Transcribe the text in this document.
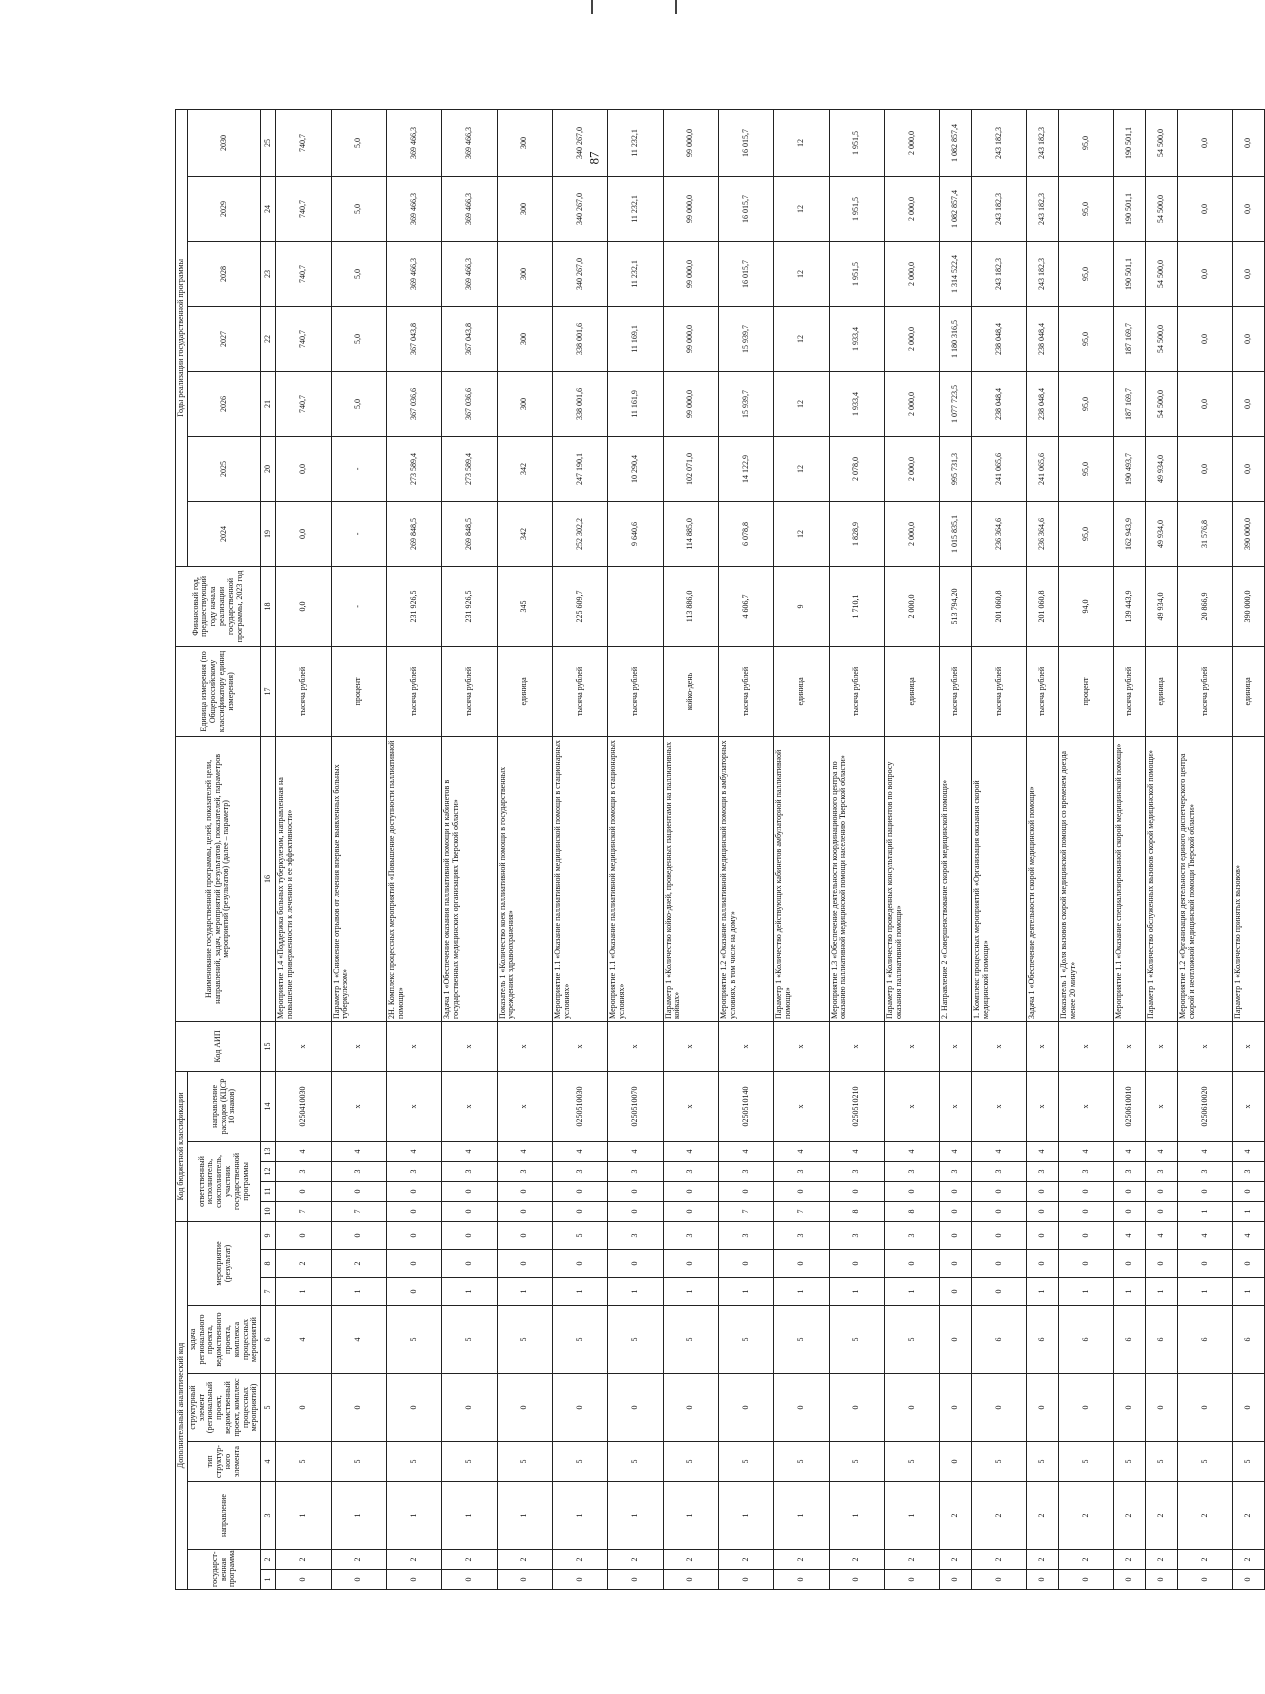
87
Дополнительный аналитический код									Код бюджетной классификации					Код АИП	Наименование государственной программы, целей, показателей цели, направлений, задач, мероприятий (результатов), показателей, параметров мероприятий (результатов) (далее – параметр)	Единица измерения (по Общероссийскому классификатору единиц измерения)	Финансовый год, предшествующий году начала реализации государственной программы, 2023 год	Годы реализации государственной программы						
государст-венная программа		направление	тип структур-ного элемента	структурный элемент (региональный проект, ведомственный проект, комплекс процессных мероприятий)	задача регионального проекта, ведомственного проекта, комплекса процессных мероприятий	мероприятие (результат)			ответственный исполнитель, соисполнитель, участник государственной программы				направление расходов (КЦСР 10 знаков)					2024	2025	2026	2027	2028	2029	2030
1	2	3	4	5	6	7	8	9	10	11	12	13	14	15	16	17	18	19	20	21	22	23	24	25
0	2	1	5	0	4	1	2	0	7	0	3	4	0250410030	x	Мероприятие 1.4 «Поддержка больных туберкулезом, направленная на повышение приверженности к лечению и ее эффективности»	тысяча рублей	0,0	0,0	0,0	740,7	740,7	740,7	740,7	740,7
0	2	1	5	0	4	1	2	0	7	0	3	4	x	x	Параметр 1 «Снижение отрывов от лечения впервые выявленных больных туберкулезом»	процент	-	-	-	5,0	5,0	5,0	5,0	5,0
0	2	1	5	0	5	0	0	0	0	0	3	4	x	x	2Н. Комплекс процессных мероприятий «Повышение доступности паллиативной помощи»	тысяча рублей	231 926,5	269 848,5	273 589,4	367 036,6	367 043,8	369 466,3	369 466,3	369 466,3
0	2	1	5	0	5	1	0	0	0	0	3	4	x	x	Задача 1 «Обеспечение оказания паллиативной помощи и кабинетов в государственных медицинских организациях Тверской области»	тысяча рублей	231 926,5	269 848,5	273 589,4	367 036,6	367 043,8	369 466,3	369 466,3	369 466,3
0	2	1	5	0	5	1	0	0	0	0	3	4	x	x	Показатель 1 «Количество коек паллиативной помощи в государственных учреждениях здравоохранения»	единица	345	342	342	300	300	300	300	300
0	2	1	5	0	5	1	0	5	0	0	3	4	0250510030	x	Мероприятие 1.1 «Оказание паллиативной медицинской помощи в стационарных условиях»	тысяча рублей	225 609,7	252 302,2	247 190,1	338 001,6	338 001,6	340 267,0	340 267,0	340 267,0
0	2	1	5	0	5	1	0	3	0	0	3	4	0250510070	x	Мероприятие 1.1 «Оказание паллиативной медицинской помощи в стационарных условиях»	тысяча рублей		9 640,6	10 290,4	11 161,9	11 169,1	11 232,1	11 232,1	11 232,1
0	2	1	5	0	5	1	0	3	0	0	3	4	x	x	Параметр 1 «Количество койко-дней, проведенных пациентами на паллиативных койках»	койко-день	113 886,0	114 885,0	102 071,0	99 000,0	99 000,0	99 000,0	99 000,0	99 000,0
0	2	1	5	0	5	1	0	3	7	0	3	4	0250510140	x	Мероприятие 1.2 «Оказание паллиативной медицинской помощи в амбулаторных условиях, в том числе на дому»	тысяча рублей	4 606,7	6 078,8	14 122,9	15 939,7	15 939,7	16 015,7	16 015,7	16 015,7
0	2	1	5	0	5	1	0	3	7	0	3	4	x	x	Параметр 1 «Количество действующих кабинетов амбулаторной паллиативной помощи»	единица	9	12	12	12	12	12	12	12
0	2	1	5	0	5	1	0	3	8	0	3	4	0250510210	x	Мероприятие 1.3 «Обеспечение деятельности координационного центра по оказанию паллиативной медицинской помощи населению Тверской области»	тысяча рублей	1 710,1	1 828,9	2 078,0	1 933,4	1 933,4	1 951,5	1 951,5	1 951,5
0	2	1	5	0	5	1	0	3	8	0	3	4	x	x	Параметр 1 «Количество проведенных консультаций пациентов по вопросу оказания паллиативной помощи»	единица	2 000,0	2 000,0	2 000,0	2 000,0	2 000,0	2 000,0	2 000,0	2 000,0
0	2	2	0	0	0	0	0	0	0	0	3	4	x	x	2. Направление 2 «Совершенствование скорой медицинской помощи»	тысяча рублей	513 794,20	1 015 835,1	995 731,3	1 077 723,5	1 180 316,5	1 314 522,4	1 082 857,4	1 082 857,4
0	2	2	5	0	6	0	0	0	0	0	3	4	x	x	1. Комплекс процессных мероприятий «Организация оказания скорой медицинской помощи»	тысяча рублей	201 060,8	236 364,6	241 065,6	238 048,4	238 048,4	243 182,3	243 182,3	243 182,3
0	2	2	5	0	6	1	0	0	0	0	3	4	x	x	Задача 1 «Обеспечение деятельности скорой медицинской помощи»	тысяча рублей	201 060,8	236 364,6	241 065,6	238 048,4	238 048,4	243 182,3	243 182,3	243 182,3
0	2	2	5	0	6	1	0	0	0	0	3	4	x	x	Показатель 1 «Доля вызовов скорой медицинской помощи со временем доезда менее 20 минут»	процент	94,0	95,0	95,0	95,0	95,0	95,0	95,0	95,0
0	2	2	5	0	6	1	0	4	0	0	3	4	0250610010	x	Мероприятие 1.1 «Оказание специализированной скорой медицинской помощи»	тысяча рублей	139 443,9	162 943,9	190 493,7	187 169,7	187 169,7	190 501,1	190 501,1	190 501,1
0	2	2	5	0	6	1	0	4	0	0	3	4	x	x	Параметр 1 «Количество обслуженных вызовов скорой медицинской помощи»	единица	49 934,0	49 934,0	49 934,0	54 500,0	54 500,0	54 500,0	54 500,0	54 500,0
0	2	2	5	0	6	1	0	4	1	0	3	4	0250610020	x	Мероприятие 1.2 «Организация деятельности единого диспетчерского центра скорой и неотложной медицинской помощи Тверской области»	тысяча рублей	20 866,9	31 576,8	0,0	0,0	0,0	0,0	0,0	0,0
0	2	2	5	0	6	1	0	4	1	0	3	4	x	x	Параметр 1 «Количество принятых вызовов»	единица	390 000,0	390 000,0	0,0	0,0	0,0	0,0	0,0	0,0
